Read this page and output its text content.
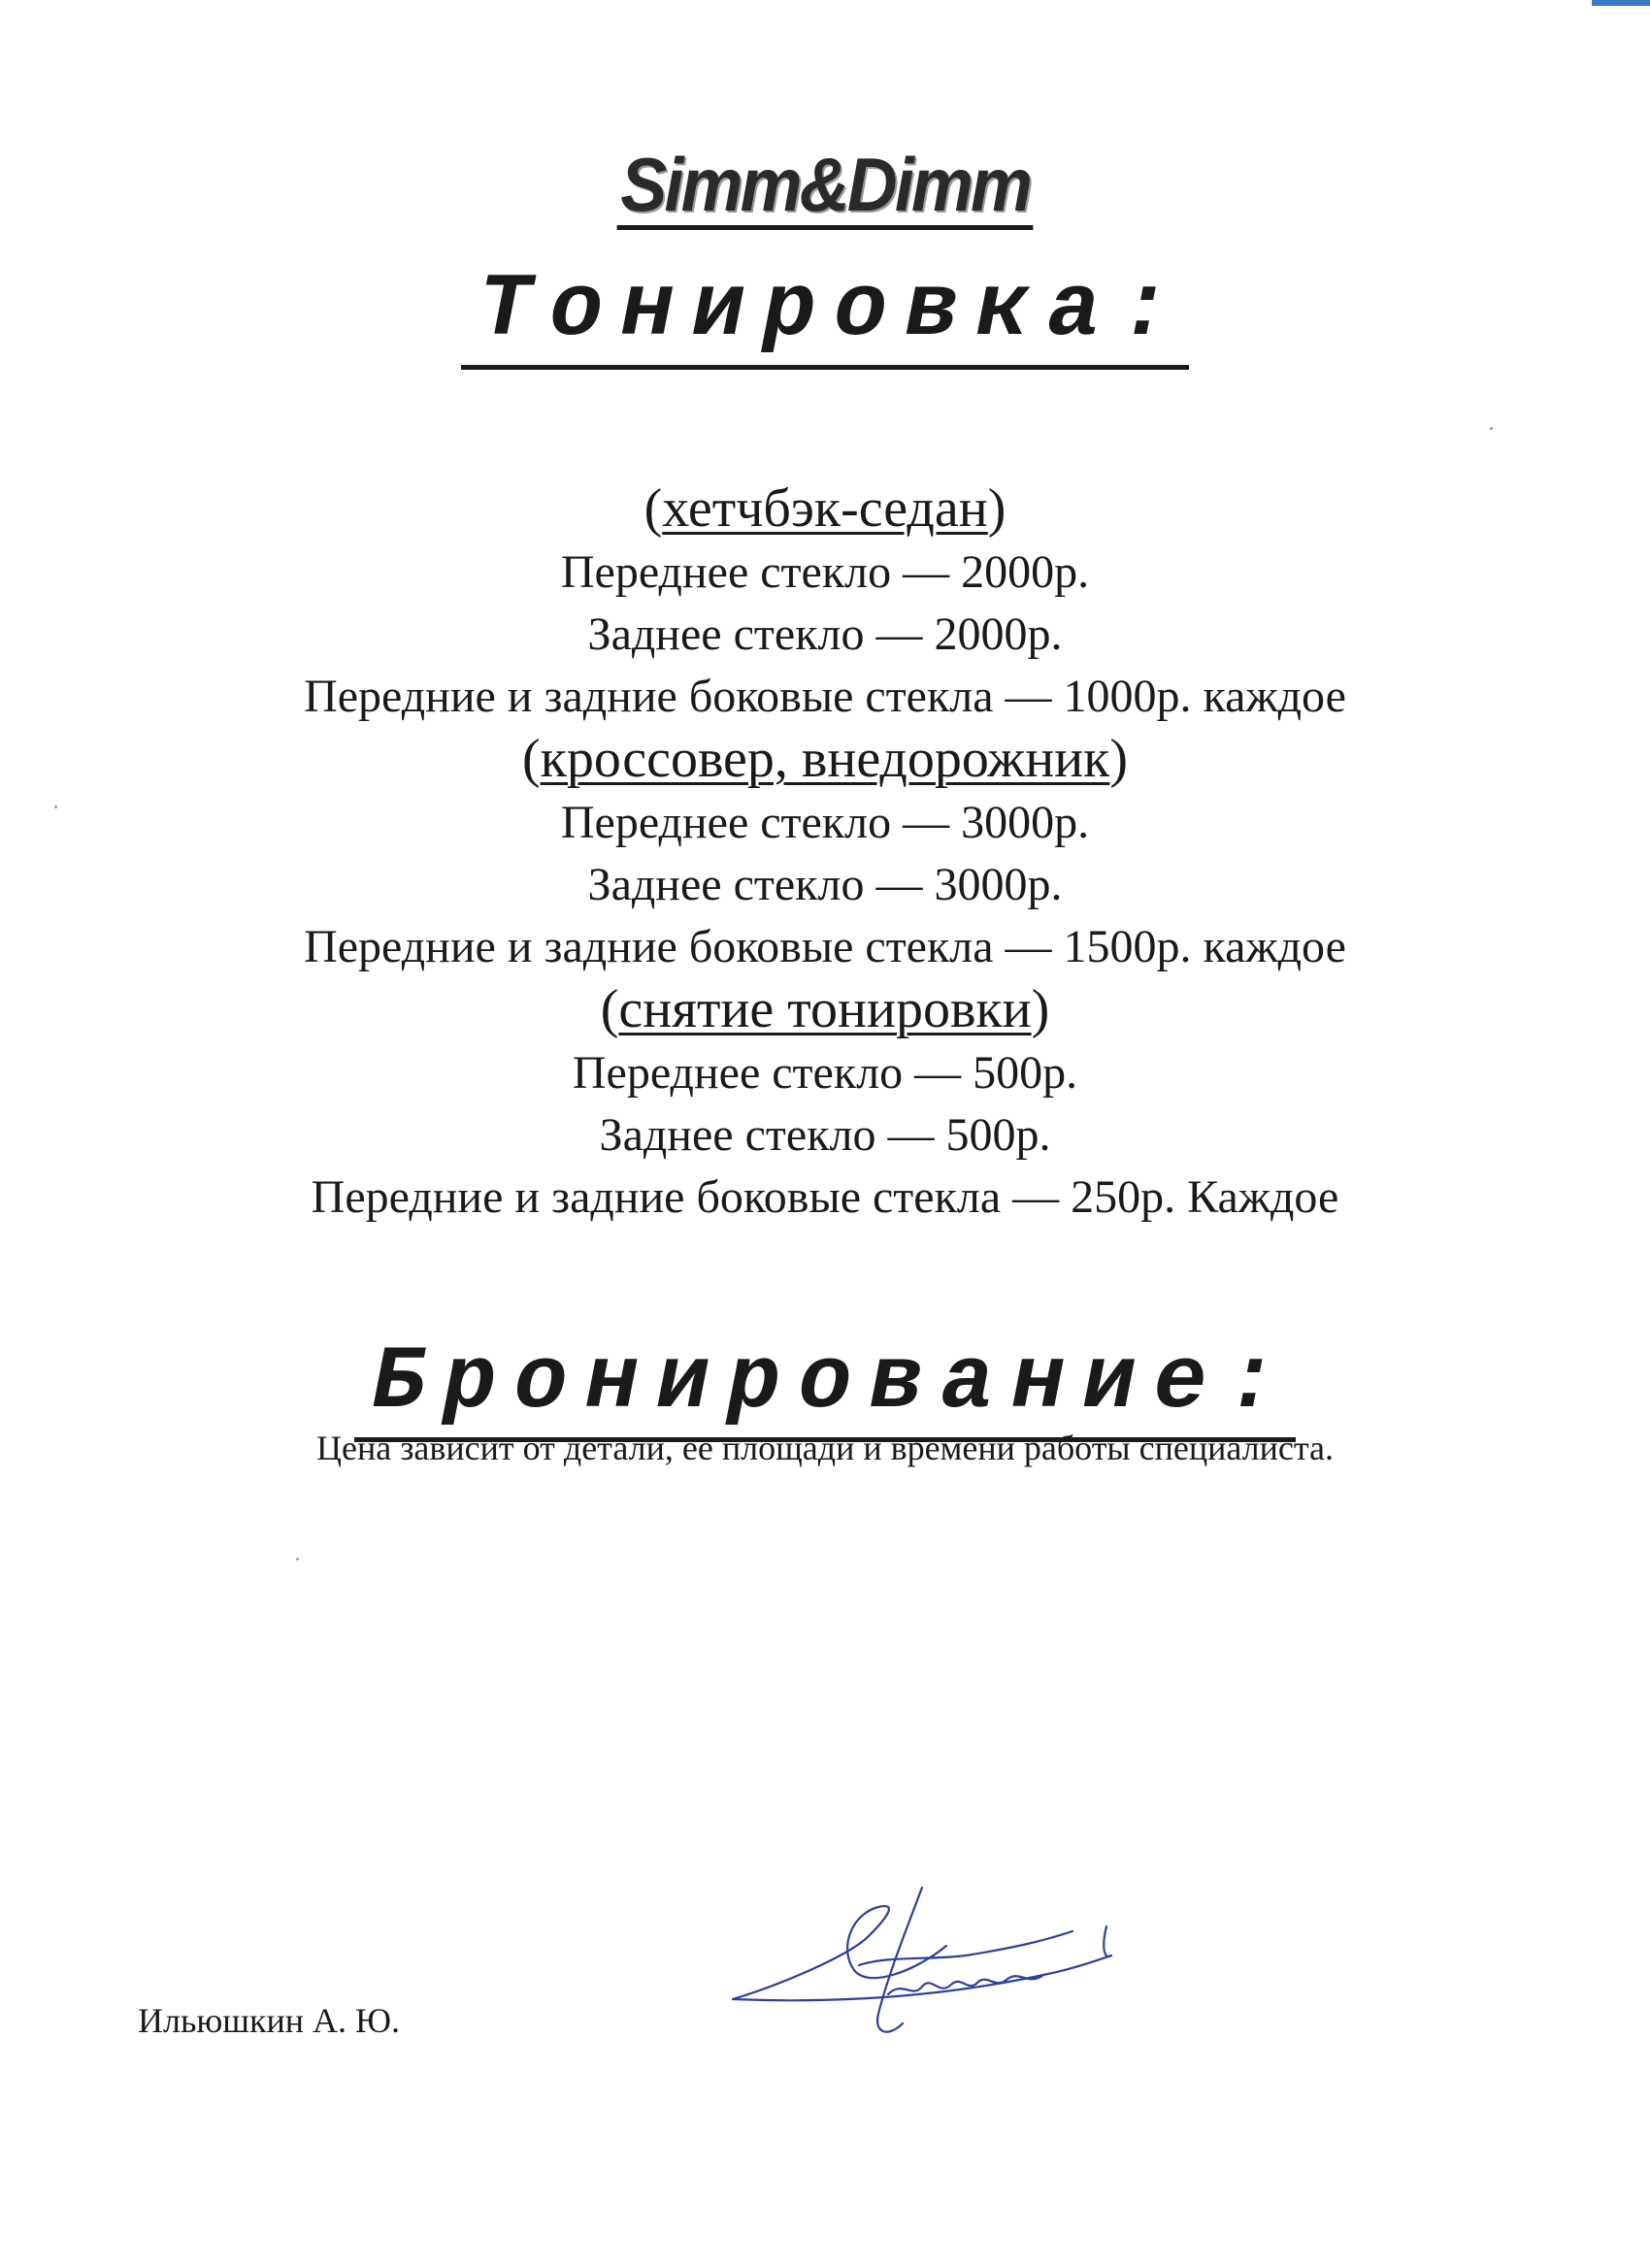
Simm&Dimm
Тонировка:

(хетчбэк-седан)

Переднее стекло — 2000р.

Заднее стекло — 2000р.

Передние и задние боковые стекла — 1000р. каждое

(кроссовер, внедорожник)

Переднее стекло — 3000р.

Заднее стекло — 3000р.

Передние и задние боковые стекла — 1500р. каждое

(снятие тонировки)

Переднее стекло — 500р.

Заднее стекло — 500р.

Передние и задние боковые стекла — 250р. Каждое

Бронирование:
Цена зависит от детали, ее площади и времени работы специалиста.
Ильюшкин А. Ю.
